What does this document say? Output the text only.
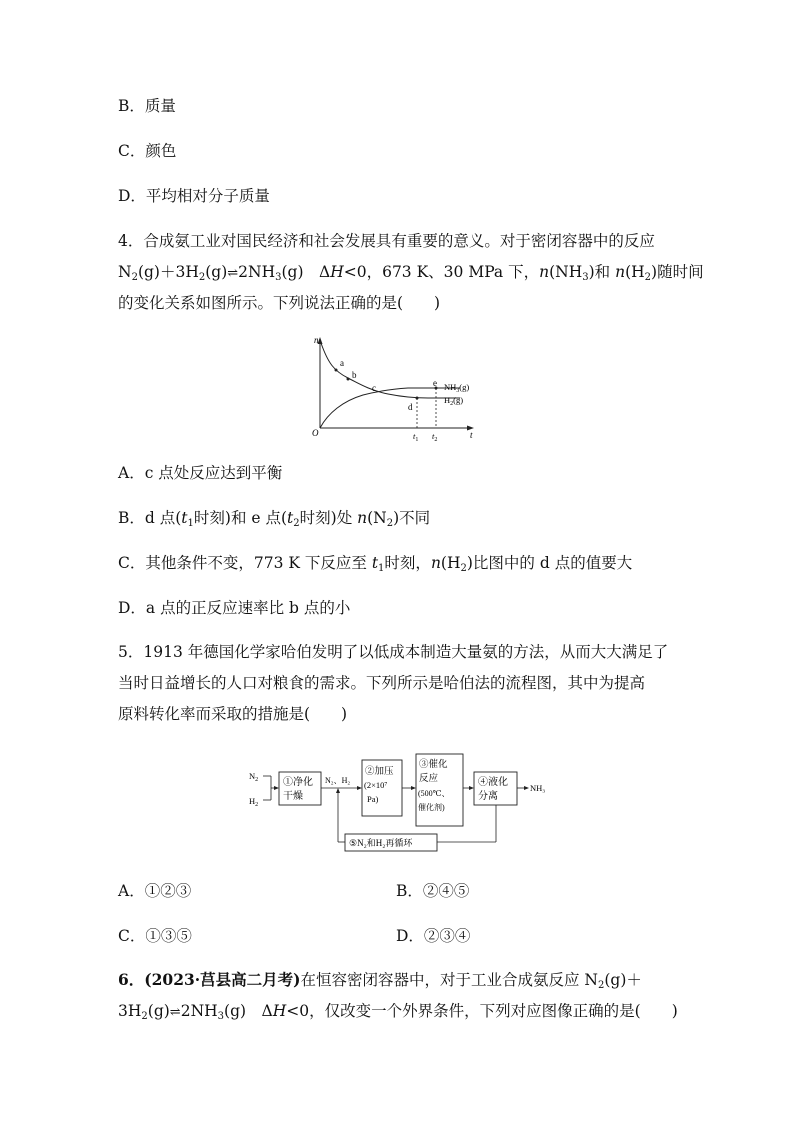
B．质量
C．颜色
D．平均相对分子质量
4．合成氨工业对国民经济和社会发展具有重要的意义。对于密闭容器中的反应
$N_2(g)+3H_2(g)\rightleftharpoons 2NH_3(g)$　ΔH<0，673 K、30 MPa 下，$n(NH_3)$和 $n(H_2)$随时间
的变化关系如图所示。下列说法正确的是(　　)
n
t
O
a
b
c
d
e
$t_1$ $t_2$
$NH_3(g)$
$H_2(g)$
A．c 点处反应达到平衡
B．d 点($t_1$时刻)和 e 点($t_2$时刻)处 $n(N_2)$不同
C．其他条件不变，773 K 下反应至 $t_1$时刻，$n(H_2)$比图中的 d 点的值要大
D．a 点的正反应速率比 b 点的小
5．1913 年德国化学家哈伯发明了以低成本制造大量氨的方法，从而大大满足了
当时日益增长的人口对粮食的需求。下列所示是哈伯法的流程图，其中为提高
原料转化率而采取的措施是(　　)
$N_2$
$H_2$
①净化
干燥
N₂、H₂
②加压
(2×10⁷
Pa)
③催化
反应
(500℃、
催化剂)
④液化
分离
NH₃
⑤N₂和H₂再循环
A．①②③	B．②④⑤
C．①③⑤	D．②③④
6．(2023·莒县高二月考)在恒容密闭容器中，对于工业合成氨反应 $N_2(g)+$
$3H_2(g)\rightleftharpoons 2NH_3(g)$　ΔH<0，仅改变一个外界条件，下列对应图像正确的是(　　)
